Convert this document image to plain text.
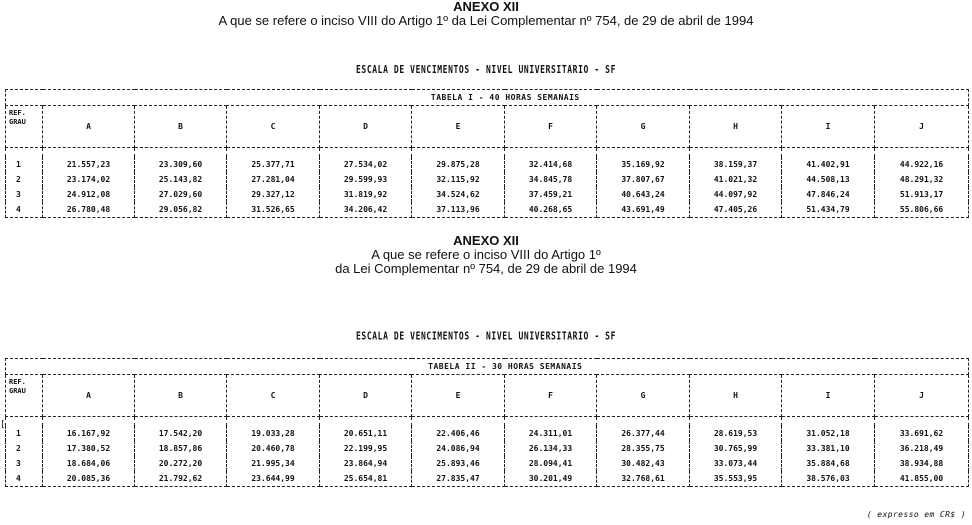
ANEXO XII
A que se refere o inciso VIII do Artigo 1º da Lei Complementar nº 754, de 29 de abril de 1994
ESCALA DE VENCIMENTOS - NIVEL UNIVERSITARIO - SF
	TABELA I - 40 HORAS SEMANAIS									

REF.
GRAU	A	B	C	D	E	F	G	H	I	J

1	21.557,23	23.309,60	25.377,71	27.534,02	29.875,28	32.414,68	35.169,92	38.159,37	41.402,91	44.922,16
2	23.174,02	25.143,82	27.281,04	29.599,93	32.115,92	34.845,78	37.807,67	41.021,32	44.508,13	48.291,32
3	24.912,08	27.029,60	29.327,12	31.819,92	34.524,62	37.459,21	40.643,24	44.097,92	47.846,24	51.913,17
4	26.780,48	29.056,82	31.526,65	34.206,42	37.113,96	40.268,65	43.691,49	47.405,26	51.434,79	55.806,66
ANEXO XII
A que se refere o inciso VIII do Artigo 1º
da Lei Complementar nº 754, de 29 de abril de 1994
ESCALA DE VENCIMENTOS - NIVEL UNIVERSITARIO - SF
	TABELA II - 30 HORAS SEMANAIS									

REF.
GRAU	A	B	C	D	E	F	G	H	I	J

1	16.167,92	17.542,20	19.033,28	20.651,11	22.406,46	24.311,01	26.377,44	28.619,53	31.052,18	33.691,62
2	17.380,52	18.857,86	20.460,78	22.199,95	24.086,94	26.134,33	28.355,75	30.765,99	33.381,10	36.218,49
3	18.684,06	20.272,20	21.995,34	23.864,94	25.893,46	28.094,41	30.482,43	33.073,44	35.884,68	38.934,88
4	20.085,36	21.792,62	23.644,99	25.654,81	27.835,47	30.201,49	32.768,61	35.553,95	38.576,03	41.855,00
[
( expresso em CR$ )
